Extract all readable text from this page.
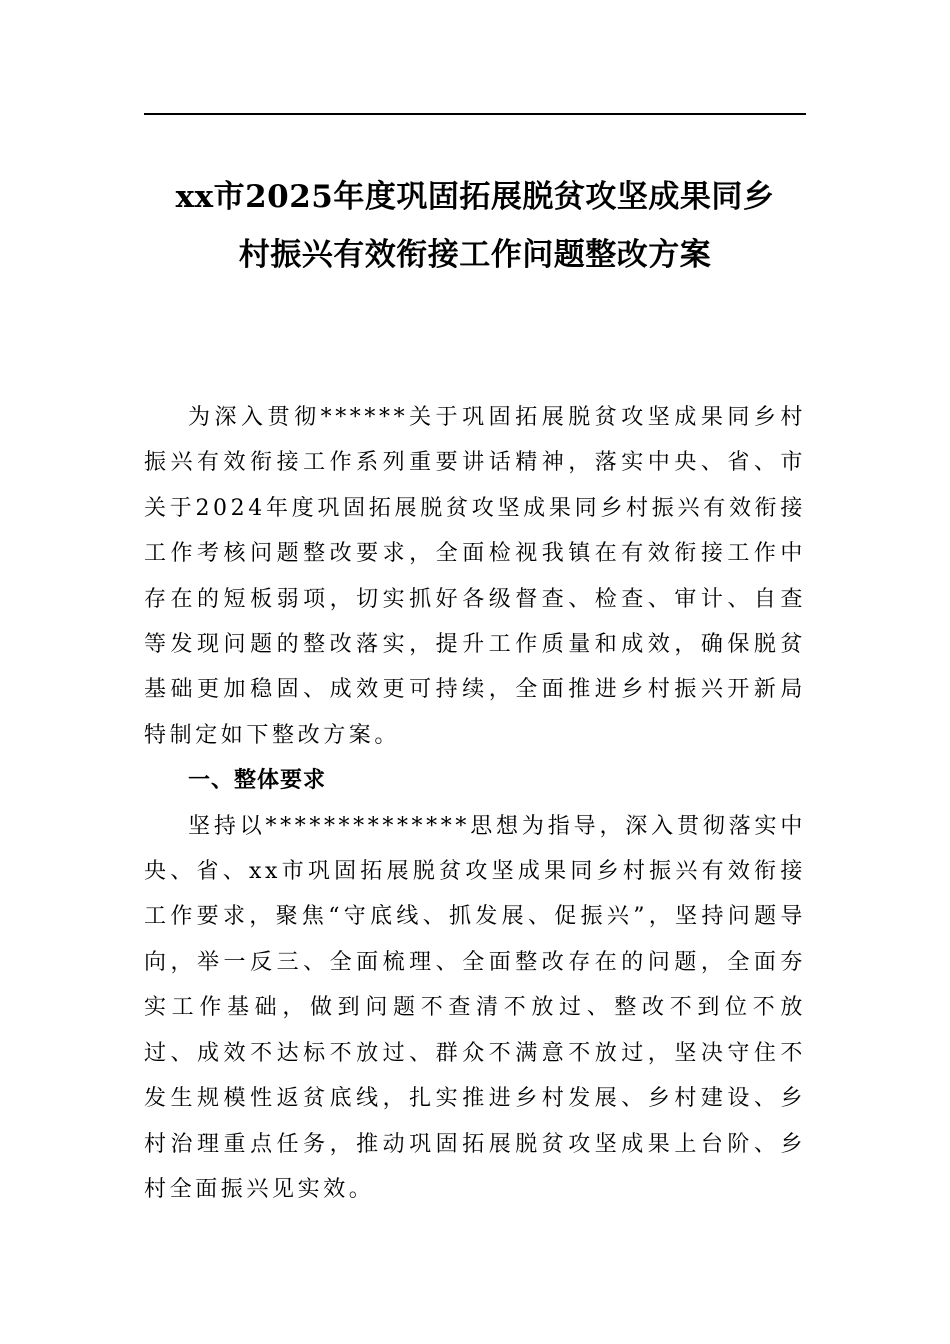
xx市2025年度巩固拓展脱贫攻坚成果同乡
村振兴有效衔接工作问题整改方案

为深入贯彻******关于巩固拓展脱贫攻坚成果同乡村振兴有效衔接工作系列重要讲话精神，落实中央、省、市关于2024年度巩固拓展脱贫攻坚成果同乡村振兴有效衔接工作考核问题整改要求，全面检视我镇在有效衔接工作中存在的短板弱项，切实抓好各级督查、检查、审计、自查等发现问题的整改落实，提升工作质量和成效，确保脱贫基础更加稳固、成效更可持续，全面推进乡村振兴开新局特制定如下整改方案。

一、整体要求

坚持以**************思想为指导，深入贯彻落实中央、省、xx市巩固拓展脱贫攻坚成果同乡村振兴有效衔接工作要求，聚焦“守底线、抓发展、促振兴”，坚持问题导向，举一反三、全面梳理、全面整改存在的问题，全面夯实工作基础，做到问题不查清不放过、整改不到位不放过、成效不达标不放过、群众不满意不放过，坚决守住不发生规模性返贫底线，扎实推进乡村发展、乡村建设、乡村治理重点任务，推动巩固拓展脱贫攻坚成果上台阶、乡村全面振兴见实效。
